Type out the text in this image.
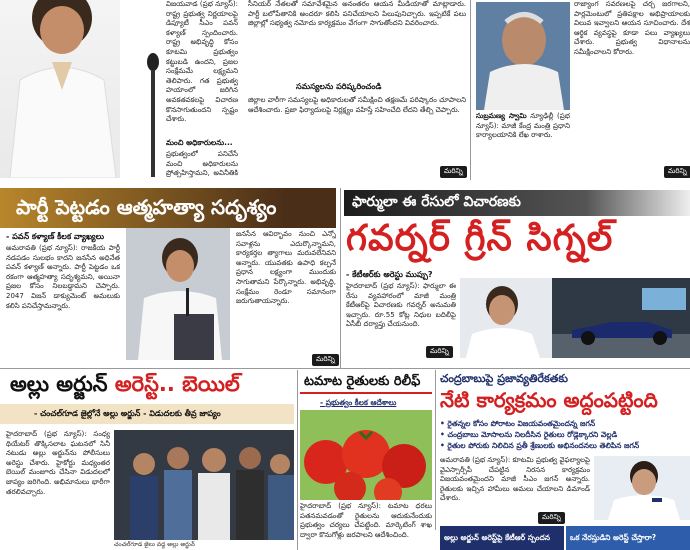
విజయవాడ (ప్రభ న్యూస్): రాష్ట్ర ప్రభుత్వ నిర్ణయాలపై డిప్యూటీ సీఎం పవన్ కళ్యాణ్ స్పందించారు. రాష్ట్ర అభివృద్ధి కోసం కూటమి ప్రభుత్వం కట్టుబడి ఉందని, ప్రజల సంక్షేమమే లక్ష్యమని తెలిపారు. గత ప్రభుత్వ హయాంలో జరిగిన అవకతవకలపై విచారణ కొనసాగుతుందని స్పష్టం చేశారు.
మంచి అధికారులను...
ప్రభుత్వంలో పనిచేసే మంచి అధికారులను ప్రోత్సహిస్తామని, అవినీతికి
సీనియర్ నేతలతో సమావేశమైన అనంతరం ఆయన మీడియాతో మాట్లాడారు. పార్టీ బలోపేతానికి అందరూ కలిసి పనిచేయాలని పిలుపునిచ్చారు. ఇప్పటికే పలు జిల్లాల్లో సభ్యత్వ నమోదు కార్యక్రమం వేగంగా సాగుతోందని వివరించారు.
సమస్యలను పరిష్కరించండి
జిల్లాల వారీగా సమస్యలపై అధికారులతో సమీక్షించి తక్షణమే పరిష్కారం చూపాలని ఆదేశించారు. ప్రజా ఫిర్యాదులపై నిర్లక్ష్యం వహిస్తే సహించేది లేదని తేల్చి చెప్పారు.
మరిన్ని
సుబ్రమణ్య స్వామి న్యూఢిల్లీ (ప్రభ న్యూస్): మాజీ కేంద్ర మంత్రి ప్రధాని కార్యాలయానికి లేఖ రాశారు.
రాజ్యాంగ సవరణలపై చర్చ జరగాలని, పార్లమెంటులో ప్రతిపక్షాల అభిప్రాయాలకు విలువ ఇవ్వాలని ఆయన సూచించారు. దేశ ఆర్థిక వ్యవస్థపై కూడా పలు వ్యాఖ్యలు చేశారు. ప్రభుత్వ విధానాలను సమీక్షించాలని కోరారు.
మరిన్ని
పార్టీ పెట్టడం ఆత్మహత్యా సదృశ్యం
- పవన్ కళ్యాణ్ కీలక వ్యాఖ్యలు
అమరావతి (ప్రభ న్యూస్): రాజకీయ పార్టీ నడపడం సులభం కాదని జనసేన అధినేత పవన్ కళ్యాణ్ అన్నారు. పార్టీ పెట్టడం ఒక రకంగా ఆత్మహత్యా సదృశ్యమని, అయినా ప్రజల కోసం నిలబడ్డామని చెప్పారు. 2047 విజన్ డాక్యుమెంట్ అమలుకు కలిసి పనిచేస్తామన్నారు.
జనసేన ఆవిర్భావం నుంచి ఎన్నో సవాళ్లను ఎదుర్కొన్నామని, కార్యకర్తల త్యాగాలు మరువలేనివని అన్నారు. యువతకు ఉపాధి కల్పనే ప్రధాన లక్ష్యంగా ముందుకు సాగుతామని పేర్కొన్నారు. అభివృద్ధి, సంక్షేమం రెండూ సమానంగా జరుగుతాయన్నారు.
మరిన్ని
ఫార్ములా ఈ రేసులో విచారణకు
గవర్నర్ గ్రీన్ సిగ్నల్
- కేటీఆర్‌కు అరెస్టు ముప్పు?
హైదరాబాద్ (ప్రభ న్యూస్): ఫార్ములా ఈ రేసు వ్యవహారంలో మాజీ మంత్రి కేటీఆర్‌పై విచారణకు గవర్నర్ అనుమతి ఇచ్చారు. రూ.55 కోట్ల నిధుల బదిలీపై ఏసీబీ దర్యాప్తు చేయనుంది.
మరిన్ని
అల్లు అర్జున్ అరెస్ట్.. బెయిల్
- చంచల్‌గూడ జైల్లోనే అల్లు అర్జున్ - విడుదలకు తీవ్ర జాప్యం
హైదరాబాద్ (ప్రభ న్యూస్): సంధ్య థియేటర్ తొక్కిసలాట ఘటనలో సినీ నటుడు అల్లు అర్జున్‌ను పోలీసులు అరెస్టు చేశారు. హైకోర్టు మధ్యంతర బెయిల్ మంజూరు చేసినా విడుదలలో జాప్యం జరిగింది. అభిమానులు భారీగా తరలివచ్చారు.
చంచల్‌గూడ జైలు వద్ద అల్లు అర్జున్
టమాట రైతులకు రిలీఫ్
- ప్రభుత్వం కీలక ఆదేశాలు
హైదరాబాద్ (ప్రభ న్యూస్): టమాట ధరలు పతనమవడంతో రైతులను ఆదుకునేందుకు ప్రభుత్వం చర్యలు చేపట్టింది. మార్కెటింగ్ శాఖ ద్వారా కొనుగోళ్లు జరపాలని ఆదేశించింది.
చంద్రబాబుపై ప్రజావ్యతిరేకతకు
నేటి కార్యక్రమం అద్దంపట్టింది
• రైతన్నల కోసం పోరాటం విజయవంతమైందన్న జగన్
• చంద్రబాబు మోసాలను నిలదీసిన రైతులు రోడ్లెక్కారని వెల్లడి
• రైతుల పోరుకు నిలిచిన ప్రతీ శ్రేణులకు అభినందనలు తెలిపిన జగన్
అమరావతి (ప్రభ న్యూస్): కూటమి ప్రభుత్వ వైఫల్యాలపై వైఎస్సార్సీపీ చేపట్టిన నిరసన కార్యక్రమం విజయవంతమైందని మాజీ సీఎం జగన్ అన్నారు. రైతులకు ఇచ్చిన హామీలు అమలు చేయాలని డిమాండ్ చేశారు.
మరిన్ని
అల్లు అర్జున్ అరెస్ట్‌పై కేటీఆర్ స్పందన	ఒక నేరస్తుడిని అరెస్ట్ చేస్తారా?
